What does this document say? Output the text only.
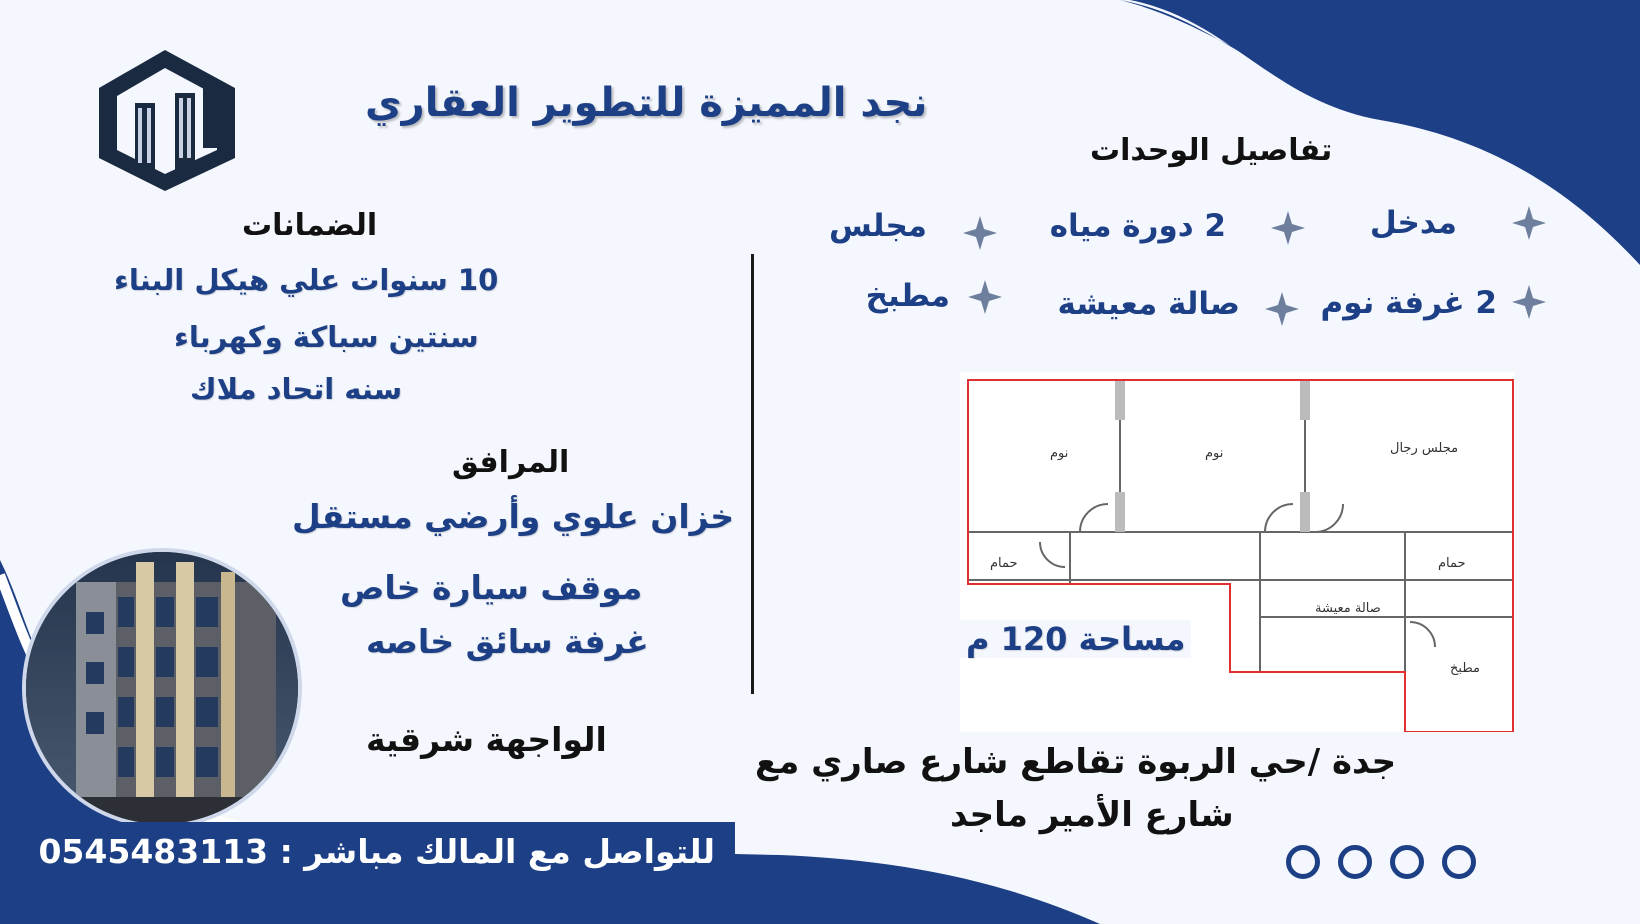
نجد المميزة للتطوير العقاري
تفاصيل الوحدات
مدخل
2 دورة مياه
مجلس
2 غرفة نوم
صالة معيشة
مطبخ
الضمانات
10 سنوات علي هيكل البناء
سنتين سباكة وكهرباء
سنه اتحاد ملاك
المرافق
خزان علوي وأرضي مستقل
موقف سيارة خاص
غرفة سائق خاصه
الواجهة شرقية
نوم	نوم	مجلس رجال
حمام	حمام
صالة معيشة
مطبخ
مساحة 120 م
جدة /حي الربوة تقاطع شارع صاري مع
شارع الأمير ماجد
للتواصل مع المالك مباشر : 0545483113
